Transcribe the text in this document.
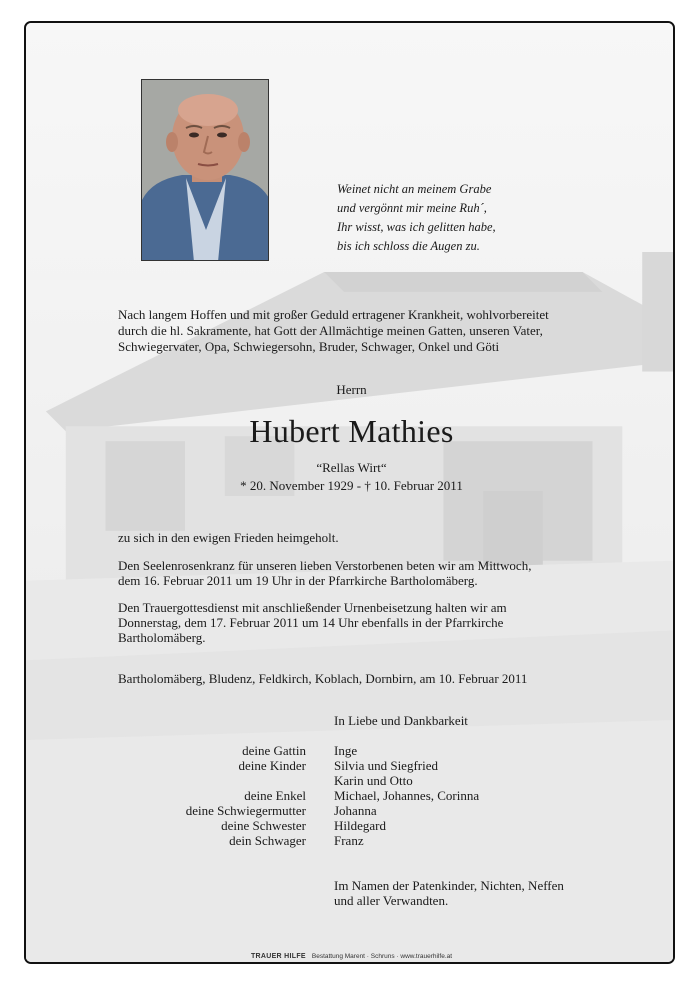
Weinet nicht an meinem Grabe
und vergönnt mir meine Ruh´,
Ihr wisst, was ich gelitten habe,
bis ich schloss die Augen zu.
Nach langem Hoffen und mit großer Geduld ertragener Krankheit, wohlvorbereitet
durch die hl. Sakramente, hat Gott der Allmächtige meinen Gatten, unseren Vater,
Schwiegervater, Opa, Schwiegersohn, Bruder, Schwager, Onkel und Göti
Herrn
Hubert Mathies
“Rellas Wirt“
* 20. November 1929 - † 10. Februar 2011
zu sich in den ewigen Frieden heimgeholt.
Den Seelenrosenkranz für unseren lieben Verstorbenen beten wir am Mittwoch,
dem 16. Februar 2011 um 19 Uhr in der Pfarrkirche Bartholomäberg.
Den Trauergottesdienst mit anschließender Urnenbeisetzung halten wir am
Donnerstag, dem 17. Februar 2011 um 14 Uhr ebenfalls in der Pfarrkirche
Bartholomäberg.
Bartholomäberg, Bludenz, Feldkirch, Koblach, Dornbirn, am 10. Februar 2011
In Liebe und Dankbarkeit
deine Gattin
deine Kinder
deine Enkel
deine Schwiegermutter
deine Schwester
dein Schwager
Inge
Silvia und Siegfried
Karin und Otto
Michael, Johannes, Corinna
Johanna
Hildegard
Franz
Im Namen der Patenkinder, Nichten, Neffen
und aller Verwandten.
TRAUER HILFE Bestattung Marent · Schruns · www.trauerhilfe.at
